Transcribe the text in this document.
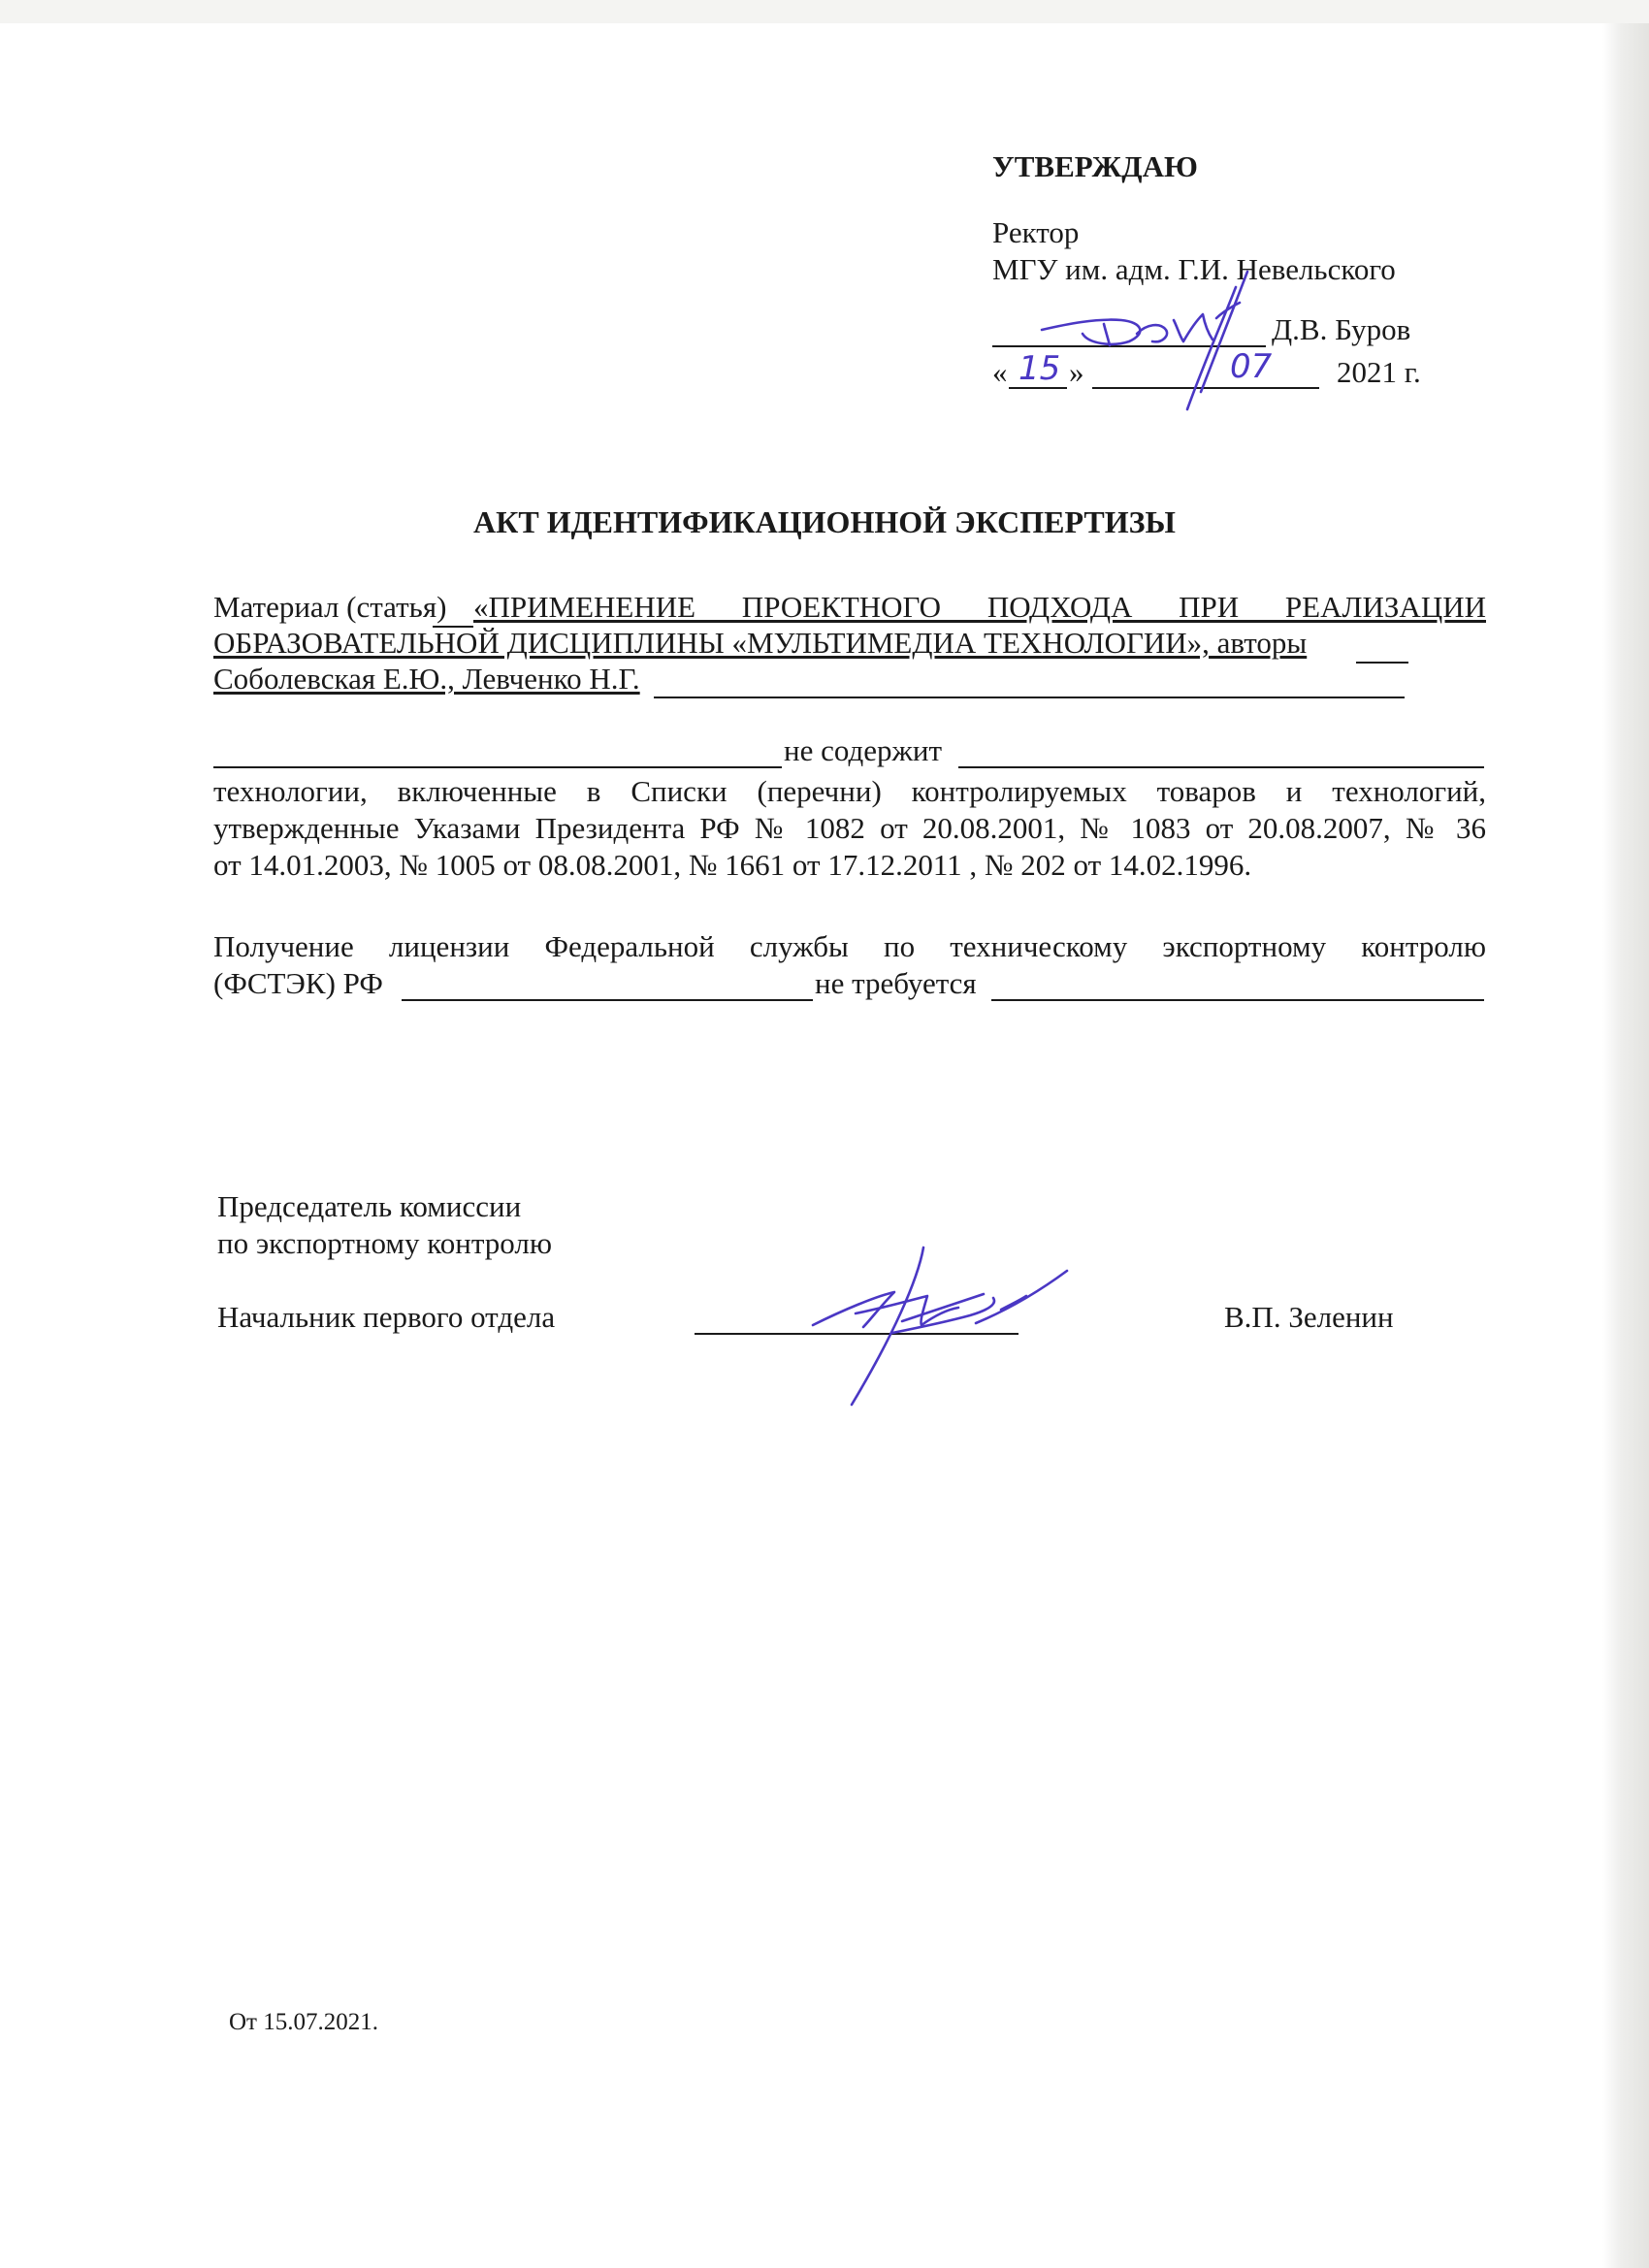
УТВЕРЖДАЮ
Ректор
МГУ им. адм. Г.И. Невельского
Д.В. Буров
« »	2021 г.
АКТ ИДЕНТИФИКАЦИОННОЙ ЭКСПЕРТИЗЫ
Материал (статья) «ПРИМЕНЕНИЕ ПРОЕКТНОГО ПОДХОДА ПРИ РЕАЛИЗАЦИИ
ОБРАЗОВАТЕЛЬНОЙ ДИСЦИПЛИНЫ «МУЛЬТИМЕДИА ТЕХНОЛОГИИ», авторы
Соболевская Е.Ю., Левченко Н.Г.
не содержит
технологии, включенные в Списки (перечни) контролируемых товаров и технологий,
утвержденные Указами Президента РФ № 1082 от 20.08.2001, № 1083 от 20.08.2007, № 36
от 14.01.2003, № 1005 от 08.08.2001, № 1661 от 17.12.2011 , № 202 от 14.02.1996.
Получение лицензии Федеральной службы по техническому экспортному контролю
(ФСТЭК) РФ	не требуется
Председатель комиссии
по экспортному контролю
Начальник первого отдела	В.П. Зеленин
От 15.07.2021.
15	07
